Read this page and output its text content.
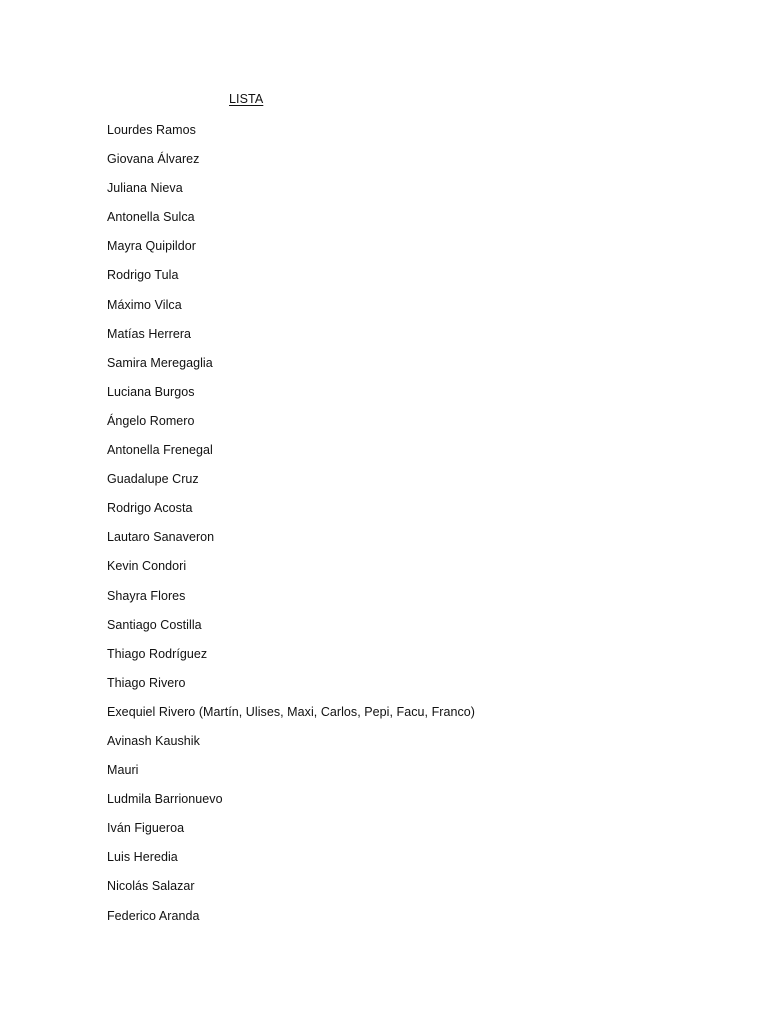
LISTA
Lourdes Ramos
Giovana Álvarez
Juliana Nieva
Antonella Sulca
Mayra Quipildor
Rodrigo Tula
Máximo Vilca
Matías Herrera
Samira Meregaglia
Luciana Burgos
Ángelo Romero
Antonella Frenegal
Guadalupe Cruz
Rodrigo Acosta
Lautaro Sanaveron
Kevin Condori
Shayra Flores
Santiago Costilla
Thiago Rodríguez
Thiago Rivero
Exequiel Rivero (Martín, Ulises, Maxi, Carlos, Pepi, Facu, Franco)
Avinash Kaushik
Mauri
Ludmila Barrionuevo
Iván Figueroa
Luis Heredia
Nicolás Salazar
Federico Aranda
